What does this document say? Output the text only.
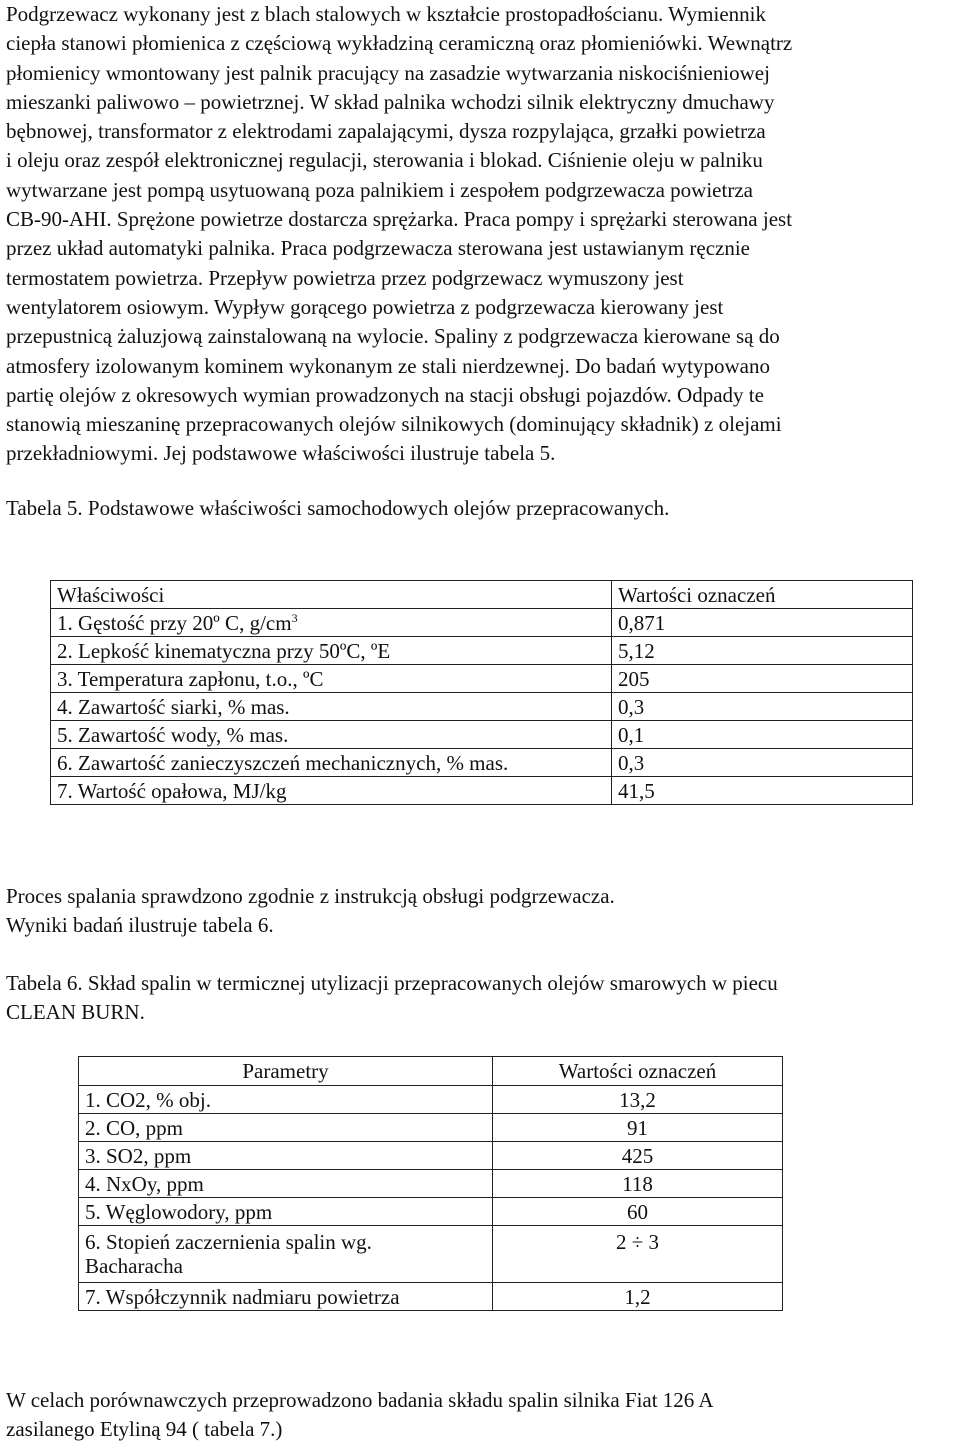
Podgrzewacz wykonany jest z blach stalowych w kształcie prostopadłościanu. Wymiennik
ciepła stanowi płomienica z częściową wykładziną ceramiczną oraz płomieniówki. Wewnątrz
płomienicy wmontowany jest palnik pracujący na zasadzie wytwarzania niskociśnieniowej
mieszanki paliwowo – powietrznej. W skład palnika wchodzi silnik elektryczny dmuchawy
bębnowej, transformator z elektrodami zapalającymi, dysza rozpylająca, grzałki powietrza
i oleju oraz zespół elektronicznej regulacji, sterowania i blokad. Ciśnienie oleju w palniku
wytwarzane jest pompą usytuowaną poza palnikiem i zespołem podgrzewacza powietrza
CB-90-AHI. Sprężone powietrze dostarcza sprężarka. Praca pompy i sprężarki sterowana jest
przez układ automatyki palnika. Praca podgrzewacza sterowana jest ustawianym ręcznie
termostatem powietrza. Przepływ powietrza przez podgrzewacz wymuszony jest
wentylatorem osiowym. Wypływ gorącego powietrza z podgrzewacza kierowany jest
przepustnicą żaluzjową zainstalowaną na wylocie. Spaliny z podgrzewacza kierowane są do
atmosfery izolowanym kominem wykonanym ze stali nierdzewnej. Do badań wytypowano
partię olejów z okresowych wymian prowadzonych na stacji obsługi pojazdów. Odpady te
stanowią mieszaninę przepracowanych olejów silnikowych (dominujący składnik) z olejami
przekładniowymi. Jej podstawowe właściwości ilustruje tabela 5.

Tabela 5. Podstawowe właściwości samochodowych olejów przepracowanych.

Właściwości	Wartości oznaczeń
1. Gęstość przy 20º C, $g/cm^3$	0,871
2. Lepkość kinematyczna przy 50ºC, ºE	5,12
3. Temperatura zapłonu, t.o., ºC	205
4. Zawartość siarki, % mas.	0,3
5. Zawartość wody, % mas.	0,1
6. Zawartość zanieczyszczeń mechanicznych, % mas.	0,3
7. Wartość opałowa, MJ/kg	41,5
Proces spalania sprawdzono zgodnie z instrukcją obsługi podgrzewacza.
Wyniki badań ilustruje tabela 6.
Tabela 6. Skład spalin w termicznej utylizacji przepracowanych olejów smarowych w piecu
CLEAN BURN.
Parametry	Wartości oznaczeń
1. CO2, % obj.	13,2
2. CO, ppm	91
3. SO2, ppm	425
4. NxOy, ppm	118
5. Węglowodory, ppm	60

6. Stopień zaczernienia spalin wg.
Bacharacha	2 ÷ 3
7. Współczynnik nadmiaru powietrza	1,2
W celach porównawczych przeprowadzono badania składu spalin silnika Fiat 126 A
zasilanego Etyliną 94 ( tabela 7.)
